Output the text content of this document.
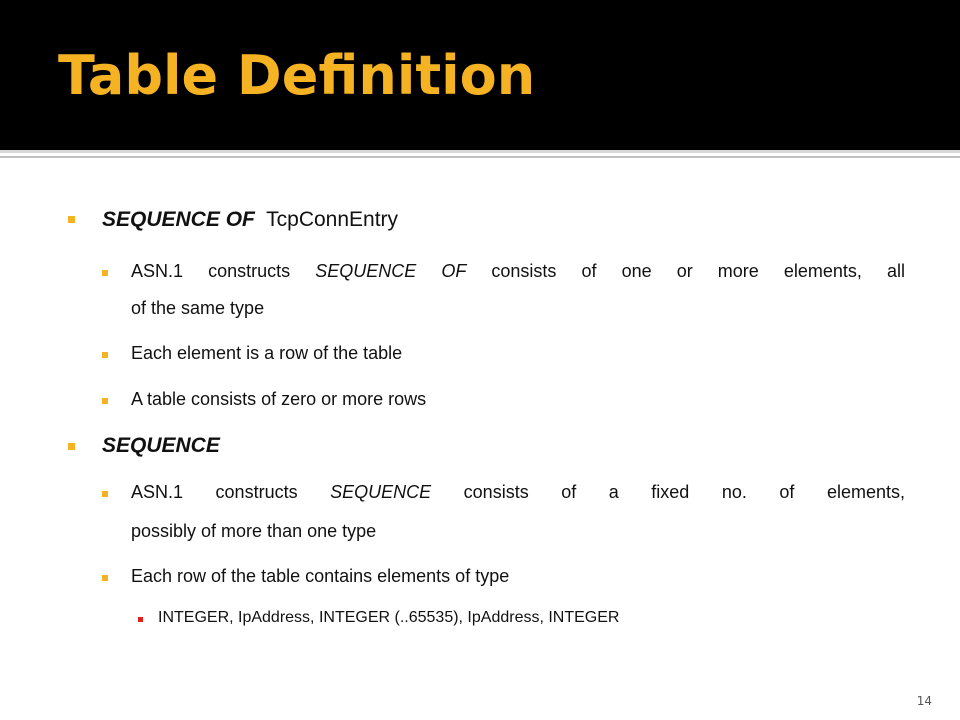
Table Definition
SEQUENCE OF TcpConnEntry
ASN.1 constructs SEQUENCE OF consists of one or more elements, all
of the same type
Each element is a row of the table
A table consists of zero or more rows
SEQUENCE
ASN.1 constructs SEQUENCE consists of a fixed no. of elements,
possibly of more than one type
Each row of the table contains elements of type
INTEGER, IpAddress, INTEGER (..65535), IpAddress, INTEGER
14
